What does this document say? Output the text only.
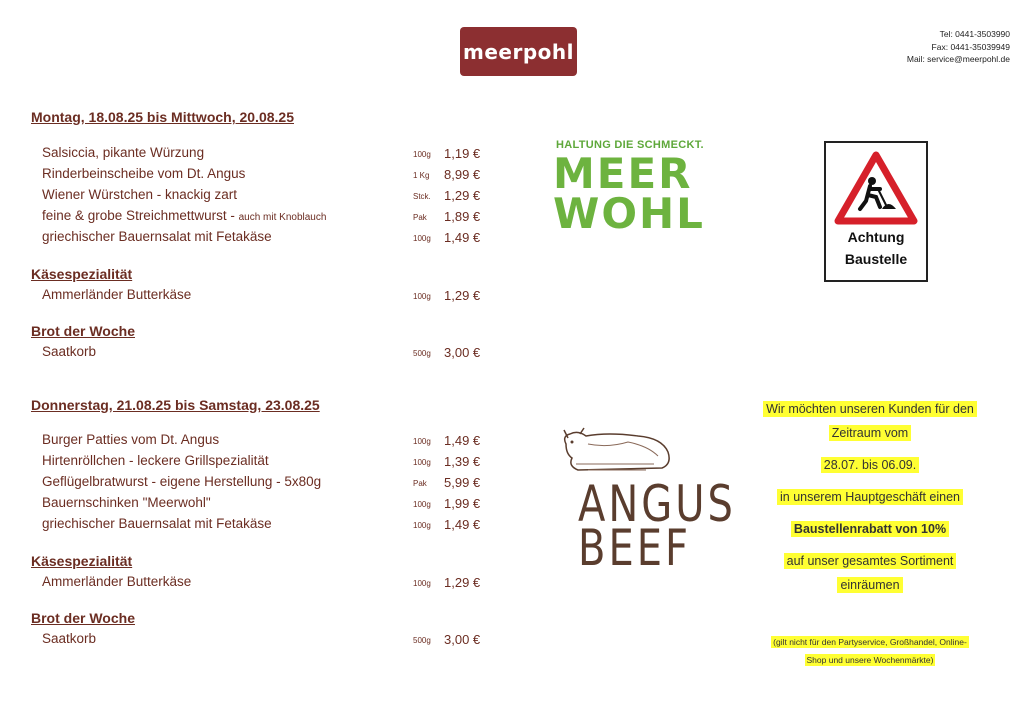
meerpohl
Tel: 0441-3503990
Fax: 0441-35039949
Mail: service@meerpohl.de
Montag, 18.08.25 bis Mittwoch, 20.08.25
Salsiccia, pikante Würzung	100g 1,19 €
Rinderbeinscheibe vom Dt. Angus	1 Kg 8,99 €
Wiener Würstchen - knackig zart	Stck. 1,29 €
feine & grobe Streichmettwurst - auch mit Knoblauch	Pak 1,89 €
griechischer Bauernsalat mit Fetakäse	100g 1,49 €
Käsespezialität
Ammerländer Butterkäse	100g 1,29 €
Brot der Woche
Saatkorb	500g 3,00 €
Donnerstag, 21.08.25 bis Samstag, 23.08.25
Burger Patties vom Dt. Angus	100g 1,49 €
Hirtenröllchen - leckere Grillspezialität	100g 1,39 €
Geflügelbratwurst - eigene Herstellung - 5x80g	Pak 5,99 €
Bauernschinken "Meerwohl"	100g 1,99 €
griechischer Bauernsalat mit Fetakäse	100g 1,49 €
Käsespezialität
Ammerländer Butterkäse	100g 1,29 €
Brot der Woche
Saatkorb	500g 3,00 €
HALTUNG DIE SCHMECKT.
MEER
WOHL	Achtung
Baustelle
ANGUS
BEEF
Wir möchten unseren Kunden für den
Zeitraum vom
28.07. bis 06.09.
in unserem Hauptgeschäft einen
Baustellenrabatt von 10%
auf unser gesamtes Sortiment
einräumen
(gilt nicht für den Partyservice, Großhandel, Online-
Shop und unsere Wochenmärkte)
